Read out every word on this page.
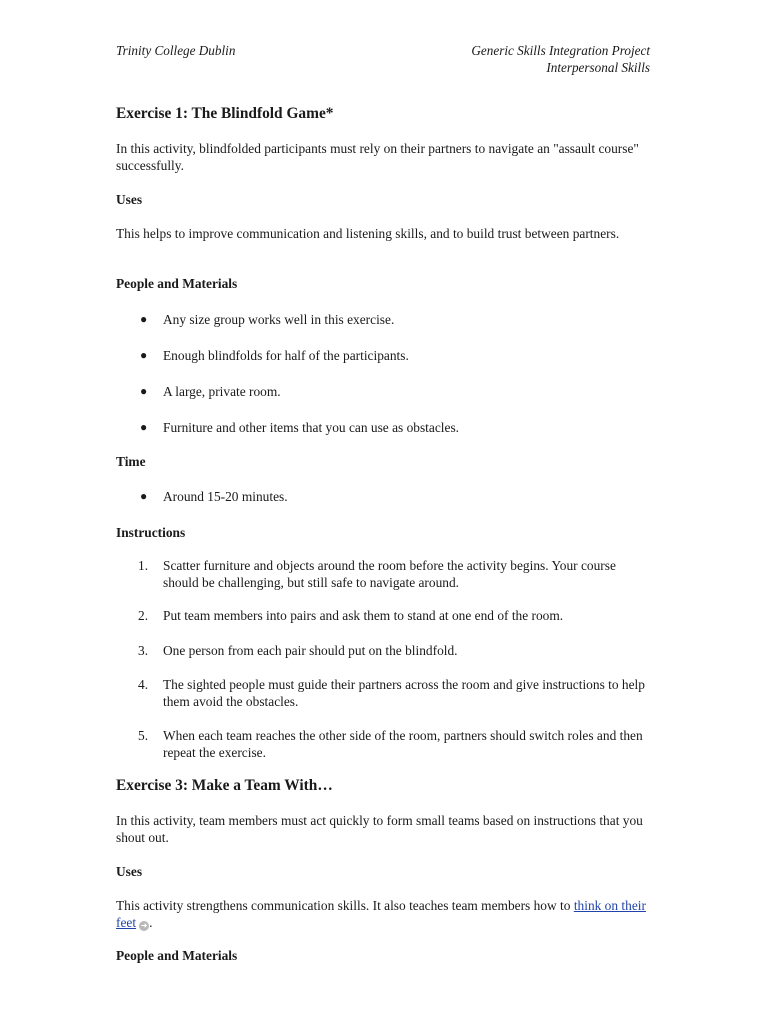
Trinity College Dublin	Generic Skills Integration Project
Interpersonal Skills
Exercise 1: The Blindfold Game*
In this activity, blindfolded participants must rely on their partners to navigate an "assault course" successfully.
Uses
This helps to improve communication and listening skills, and to build trust between partners.
People and Materials
● Any size group works well in this exercise.
● Enough blindfolds for half of the participants.
● A large, private room.
● Furniture and other items that you can use as obstacles.
Time
● Around 15-20 minutes.
Instructions
1. Scatter furniture and objects around the room before the activity begins. Your course should be challenging, but still safe to navigate around.
2. Put team members into pairs and ask them to stand at one end of the room.
3. One person from each pair should put on the blindfold.
4. The sighted people must guide their partners across the room and give instructions to help them avoid the obstacles.
5. When each team reaches the other side of the room, partners should switch roles and then repeat the exercise.
Exercise 3: Make a Team With…
In this activity, team members must act quickly to form small teams based on instructions that you shout out.
Uses
This activity strengthens communication skills. It also teaches team members how to think on their feet ➜ .
People and Materials
